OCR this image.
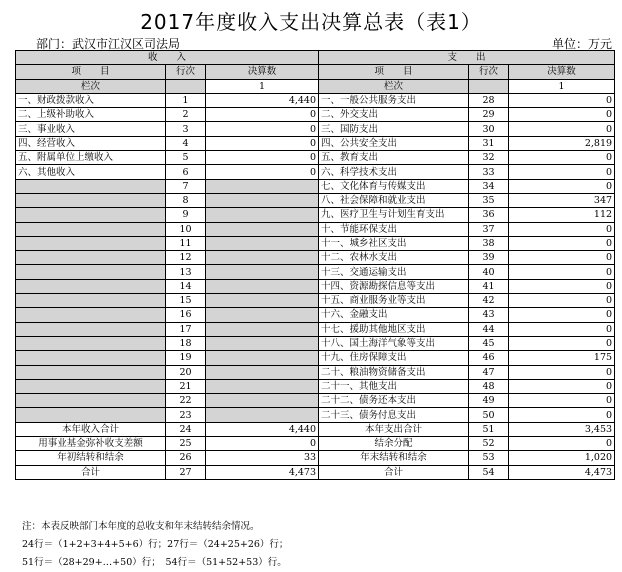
2017年度收入支出决算总表（表1）
部门：武汉市江汉区司法局	单位：万元
收　　入			支　　出		
项　　目	行次	决算数	项　　目	行次	决算数
栏次		1	栏次		1
一、财政拨款收入	1	4,440	一、一般公共服务支出	28	0
二、上级补助收入	2	0	二、外交支出	29	0
三、事业收入	3	0	三、国防支出	30	0
四、经营收入	4	0	四、公共安全支出	31	2,819
五、附属单位上缴收入	5	0	五、教育支出	32	0
六、其他收入	6	0	六、科学技术支出	33	0
	7		七、文化体育与传媒支出	34	0
	8		八、社会保障和就业支出	35	347
	9		九、医疗卫生与计划生育支出	36	112
	10		十、节能环保支出	37	0
	11		十一、城乡社区支出	38	0
	12		十二、农林水支出	39	0
	13		十三、交通运输支出	40	0
	14		十四、资源勘探信息等支出	41	0
	15		十五、商业服务业等支出	42	0
	16		十六、金融支出	43	0
	17		十七、援助其他地区支出	44	0
	18		十八、国土海洋气象等支出	45	0
	19		十九、住房保障支出	46	175
	20		二十、粮油物资储备支出	47	0
	21		二十一、其他支出	48	0
	22		二十二、债务还本支出	49	0
	23		二十三、债务付息支出	50	0
本年收入合计	24	4,440	本年支出合计	51	3,453
用事业基金弥补收支差额	25	0	结余分配	52	0
年初结转和结余	26	33	年末结转和结余	53	1,020
合计	27	4,473	合计	54	4,473
注：本表反映部门本年度的总收支和年末结转结余情况。
24行＝（1+2+3+4+5+6）行；27行＝（24+25+26）行；
51行＝（28+29+…+50）行；　54行＝（51+52+53）行。
